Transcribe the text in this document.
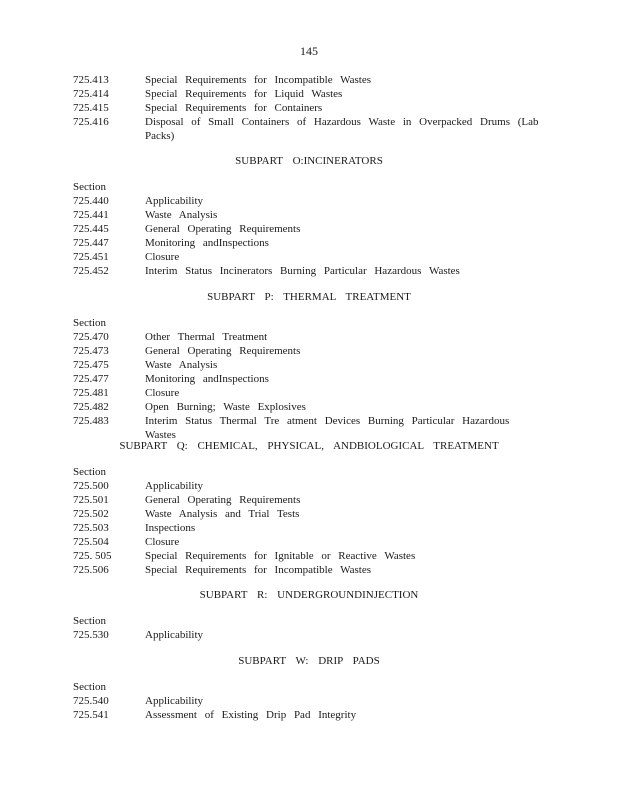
145
725.413	Special Requirements for Incompatible Wastes
725.414	Special Requirements for Liquid Wastes
725.415	Special Requirements for Containers
725.416	Disposal of Small Containers of Hazardous Waste in Overpacked Drums (Lab Packs)
SUBPART O:INCINERATORS
Section
725.440	Applicability
725.441	Waste Analysis
725.445	General Operating Requirements
725.447	Monitoring andInspections
725.451	Closure
725.452	Interim Status Incinerators Burning Particular Hazardous Wastes
SUBPART P: THERMAL TREATMENT
Section
725.470	Other Thermal Treatment
725.473	General Operating Requirements
725.475	Waste Analysis
725.477	Monitoring andInspections
725.481	Closure
725.482	Open Burning; Waste Explosives
725.483	Interim Status Thermal Tre atment Devices Burning Particular Hazardous Wastes
SUBPART Q: CHEMICAL, PHYSICAL, ANDBIOLOGICAL TREATMENT
Section
725.500	Applicability
725.501	General Operating Requirements
725.502	Waste Analysis and Trial Tests
725.503	Inspections
725.504	Closure
725. 505	Special Requirements for Ignitable or Reactive Wastes
725.506	Special Requirements for Incompatible Wastes
SUBPART R: UNDERGROUNDINJECTION
Section
725.530	Applicability
SUBPART W: DRIP PADS
Section
725.540	Applicability
725.541	Assessment of Existing Drip Pad Integrity
